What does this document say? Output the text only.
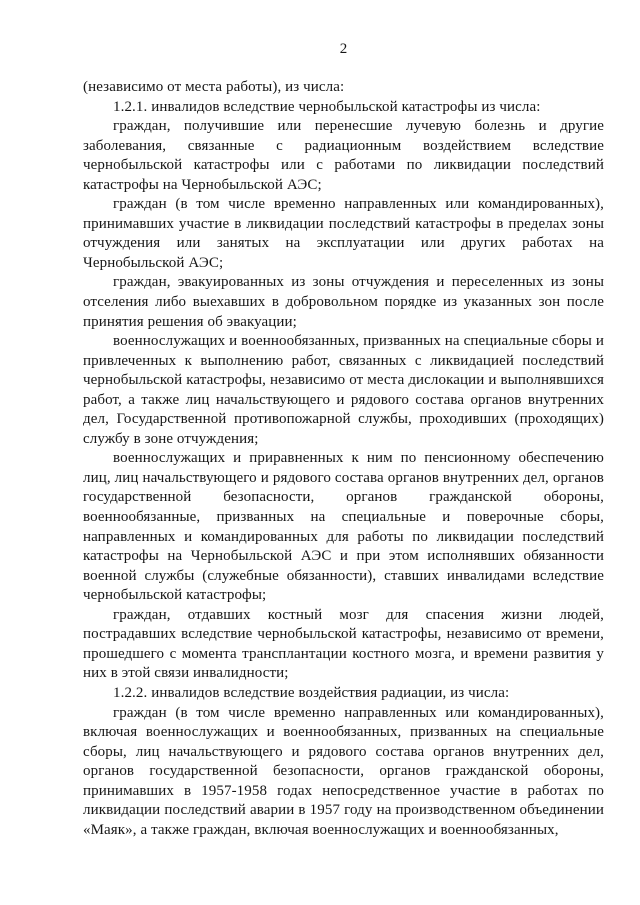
2

(независимо от места работы), из числа:

1.2.1. инвалидов вследствие чернобыльской катастрофы из числа:

граждан, получившие или перенесшие лучевую болезнь и другие заболевания, связанные с радиационным воздействием вследствие чернобыльской катастрофы или с работами по ликвидации последствий катастрофы на Чернобыльской АЭС;

граждан (в том числе временно направленных или командированных), принимавших участие в ликвидации последствий катастрофы в пределах зоны отчуждения или занятых на эксплуатации или других работах на Чернобыльской АЭС;

граждан, эвакуированных из зоны отчуждения и переселенных из зоны отселения либо выехавших в добровольном порядке из указанных зон после принятия решения об эвакуации;

военнослужащих и военнообязанных, призванных на специальные сборы и привлеченных к выполнению работ, связанных с ликвидацией последствий чернобыльской катастрофы, независимо от места дислокации и выполнявшихся работ, а также лиц начальствующего и рядового состава органов внутренних дел, Государственной противопожарной службы, проходивших (проходящих) службу в зоне отчуждения;

военнослужащих и приравненных к ним по пенсионному обеспечению лиц, лиц начальствующего и рядового состава органов внутренних дел, органов государственной безопасности, органов гражданской обороны, военнообязанные, призванных на специальные и поверочные сборы, направленных и командированных для работы по ликвидации последствий катастрофы на Чернобыльской АЭС и при этом исполнявших обязанности военной службы (служебные обязанности), ставших инвалидами вследствие чернобыльской катастрофы;

граждан, отдавших костный мозг для спасения жизни людей, пострадавших вследствие чернобыльской катастрофы, независимо от времени, прошедшего с момента трансплантации костного мозга, и времени развития у них в этой связи инвалидности;

1.2.2. инвалидов вследствие воздействия радиации, из числа:

граждан (в том числе временно направленных или командированных), включая военнослужащих и военнообязанных, призванных на специальные сборы, лиц начальствующего и рядового состава органов внутренних дел, органов государственной безопасности, органов гражданской обороны, принимавших в 1957-1958 годах непосредственное участие в работах по ликвидации последствий аварии в 1957 году на производственном объединении «Маяк», а также граждан, включая военнослужащих и военнообязанных,
